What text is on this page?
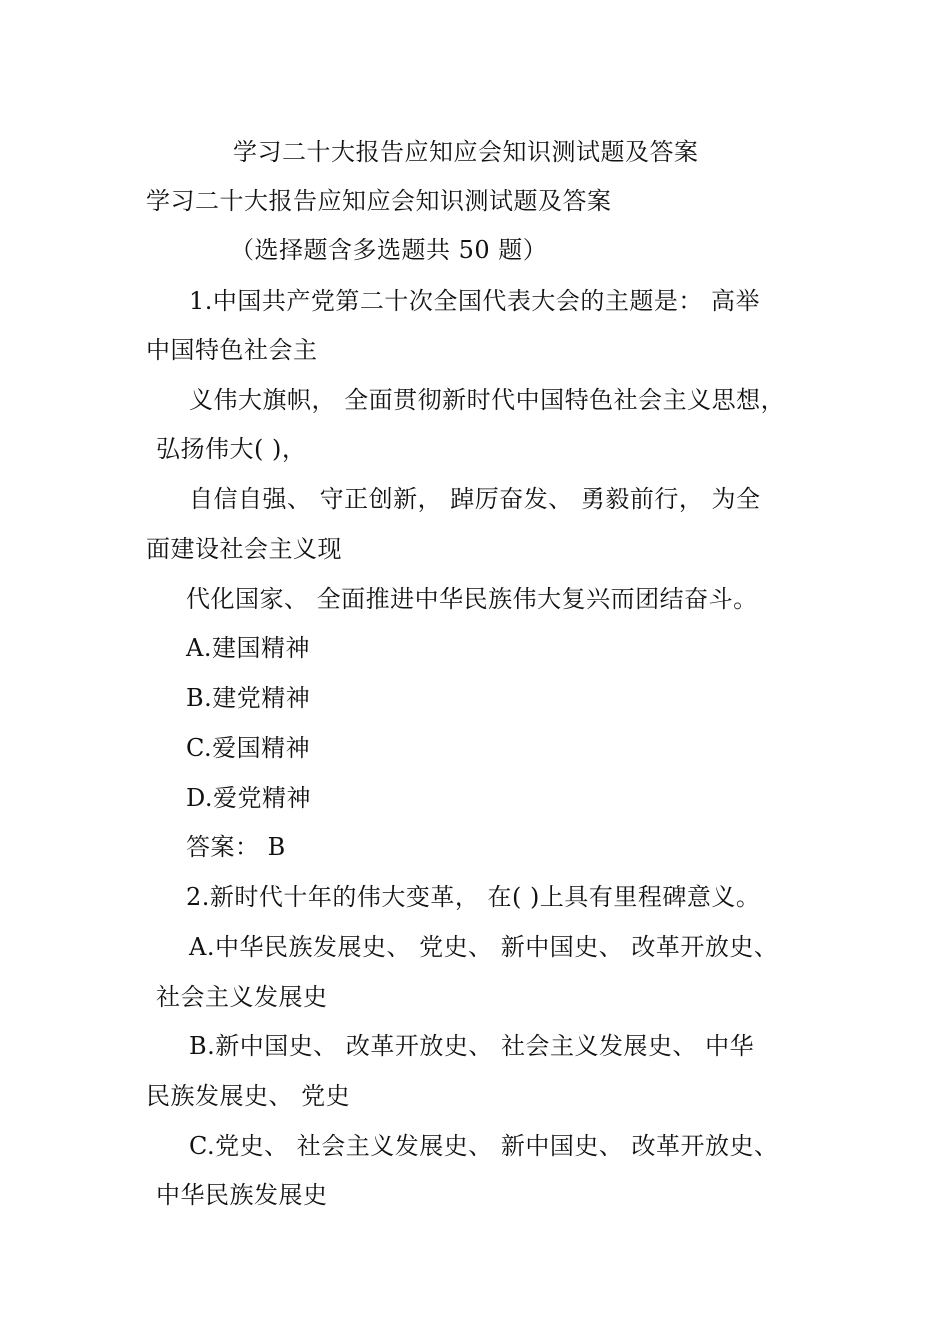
学习二十大报告应知应会知识测试题及答案
学习二十大报告应知应会知识测试题及答案
（选择题含多选题共 50 题）
1.中国共产党第二十次全国代表大会的主题是： 高举
中国特色社会主
义伟大旗帜， 全面贯彻新时代中国特色社会主义思想，
弘扬伟大( )，
自信自强、 守正创新， 踔厉奋发、 勇毅前行， 为全
面建设社会主义现
代化国家、 全面推进中华民族伟大复兴而团结奋斗。
A.建国精神
B.建党精神
C.爱国精神
D.爱党精神
答案： B
2.新时代十年的伟大变革， 在( )上具有里程碑意义。
A.中华民族发展史、 党史、 新中国史、 改革开放史、
社会主义发展史
B.新中国史、 改革开放史、 社会主义发展史、 中华
民族发展史、 党史
C.党史、 社会主义发展史、 新中国史、 改革开放史、
中华民族发展史
